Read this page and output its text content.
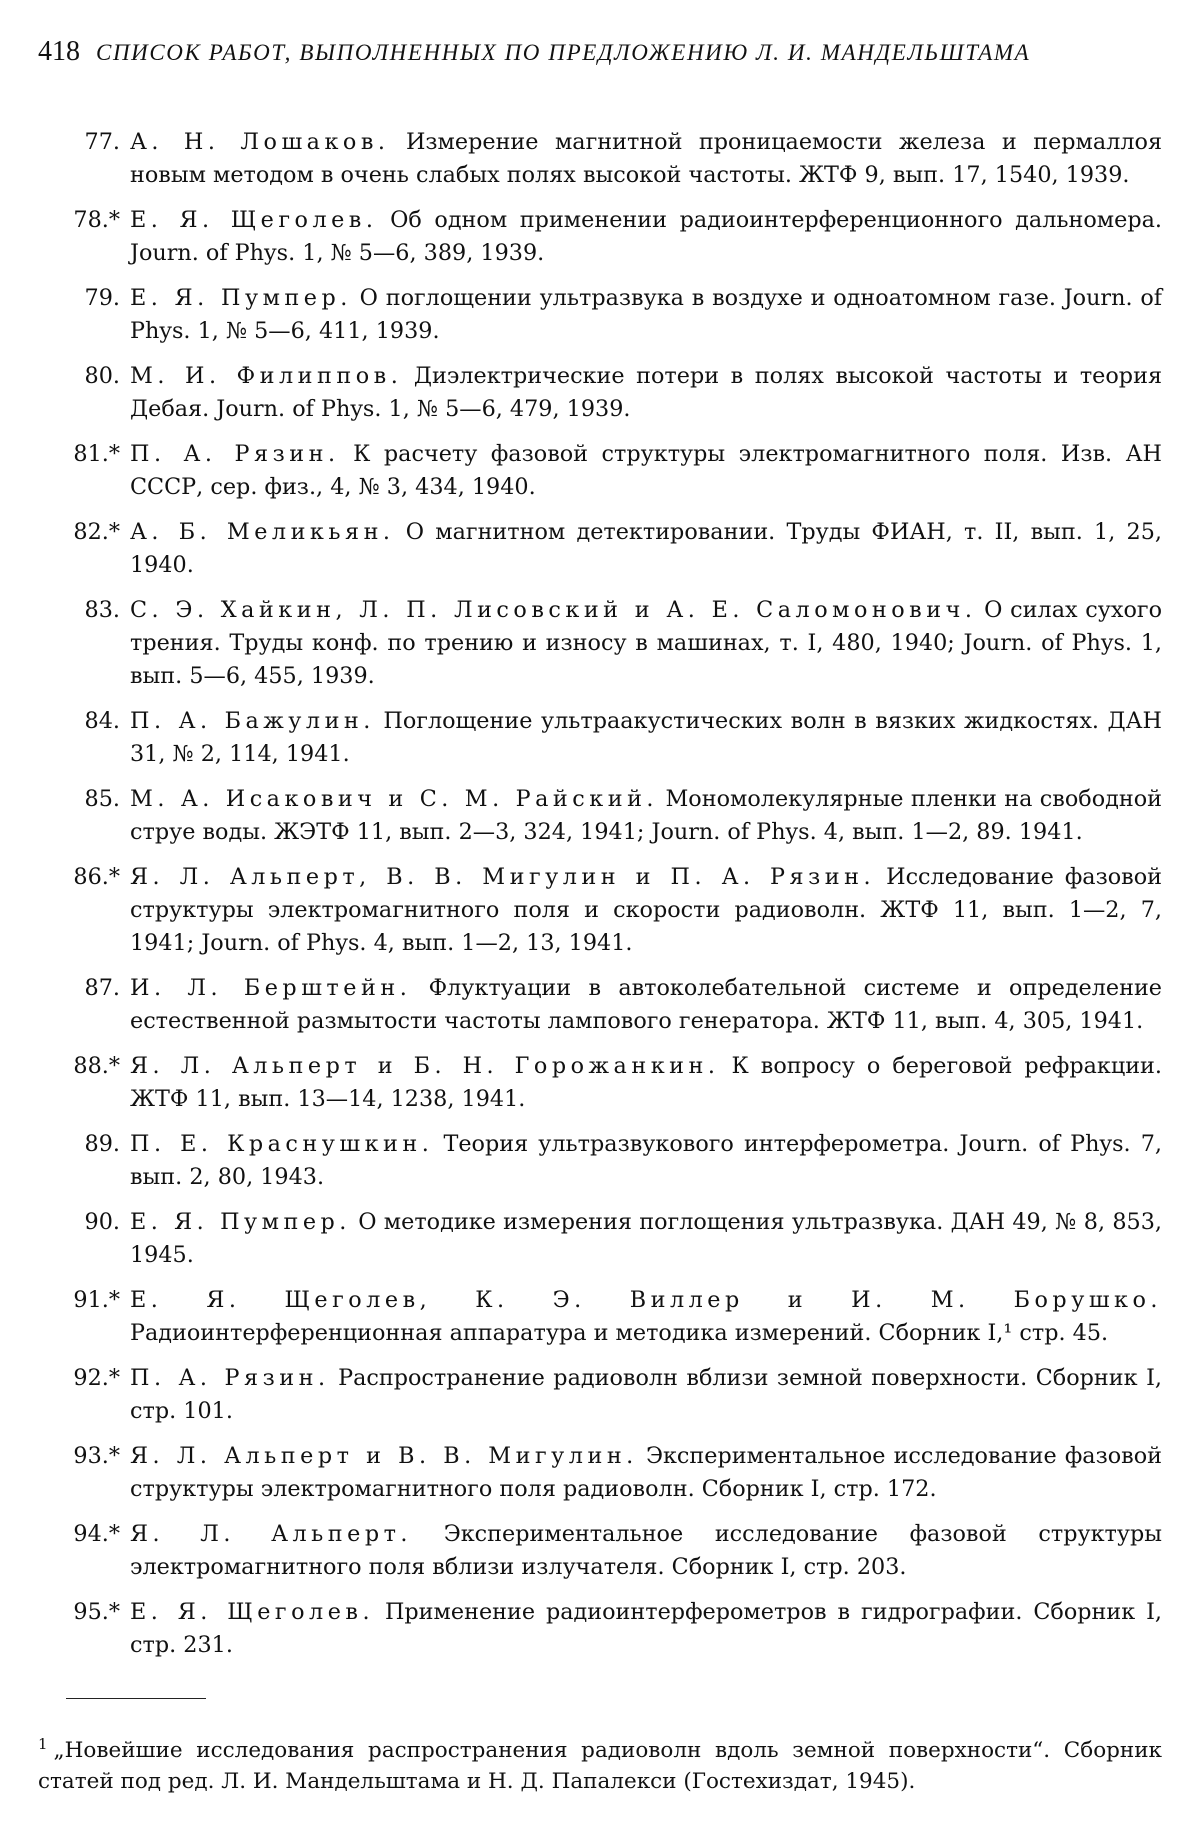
418 СПИСОК РАБОТ, ВЫПОЛНЕННЫХ ПО ПРЕДЛОЖЕНИЮ Л. И. МАНДЕЛЬШТАМА
77. А. Н. Лошаков. Измерение магнитной проницаемости железа и пермаллоя новым методом в очень слабых полях высокой частоты. ЖТФ 9, вып. 17, 1540, 1939.
78.* Е. Я. Щеголев. Об одном применении радиоинтерференционного дальномера. Journ. of Phys. 1, № 5—6, 389, 1939.
79. Е. Я. Пумпер. О поглощении ультразвука в воздухе и одноатомном газе. Journ. of Phys. 1, № 5—6, 411, 1939.
80. М. И. Филиппов. Диэлектрические потери в полях высокой частоты и теория Дебая. Journ. of Phys. 1, № 5—6, 479, 1939.
81.* П. А. Рязин. К расчету фазовой структуры электромагнитного поля. Изв. АН СССР, сер. физ., 4, № 3, 434, 1940.
82.* А. Б. Меликьян. О магнитном детектировании. Труды ФИАН, т. II, вып. 1, 25, 1940.
83. С. Э. Хайкин, Л. П. Лисовский и А. Е. Саломонович. О силах сухого трения. Труды конф. по трению и износу в машинах, т. I, 480, 1940; Journ. of Phys. 1, вып. 5—6, 455, 1939.
84. П. А. Бажулин. Поглощение ультраакустических волн в вязких жидкостях. ДАН 31, № 2, 114, 1941.
85. М. А. Исакович и С. М. Райский. Мономолекулярные пленки на свободной струе воды. ЖЭТФ 11, вып. 2—3, 324, 1941; Journ. of Phys. 4, вып. 1—2, 89. 1941.
86.* Я. Л. Альперт, В. В. Мигулин и П. А. Рязин. Исследование фазовой структуры электромагнитного поля и скорости радиоволн. ЖТФ 11, вып. 1—2, 7, 1941; Journ. of Phys. 4, вып. 1—2, 13, 1941.
87. И. Л. Берштейн. Флуктуации в автоколебательной системе и определение естественной размытости частоты лампового генератора. ЖТФ 11, вып. 4, 305, 1941.
88.* Я. Л. Альперт и Б. Н. Горожанкин. К вопросу о береговой рефракции. ЖТФ 11, вып. 13—14, 1238, 1941.
89. П. Е. Краснушкин. Теория ультразвукового интерферометра. Journ. of Phys. 7, вып. 2, 80, 1943.
90. Е. Я. Пумпер. О методике измерения поглощения ультразвука. ДАН 49, № 8, 853, 1945.
91.* Е. Я. Щеголев, К. Э. Виллер и И. М. Борушко. Радиоинтерференционная аппаратура и методика измерений. Сборник I,¹ стр. 45.
92.* П. А. Рязин. Распространение радиоволн вблизи земной поверхности. Сборник I, стр. 101.
93.* Я. Л. Альперт и В. В. Мигулин. Экспериментальное исследование фазовой структуры электромагнитного поля радиоволн. Сборник I, стр. 172.
94.* Я. Л. Альперт. Экспериментальное исследование фазовой структуры электромагнитного поля вблизи излучателя. Сборник I, стр. 203.
95.* Е. Я. Щеголев. Применение радиоинтерферометров в гидрографии. Сборник I, стр. 231.
$^1$ „Новейшие исследования распространения радиоволн вдоль земной поверхности“. Сборник статей под ред. Л. И. Мандельштама и Н. Д. Папалекси (Гостехиздат, 1945).
